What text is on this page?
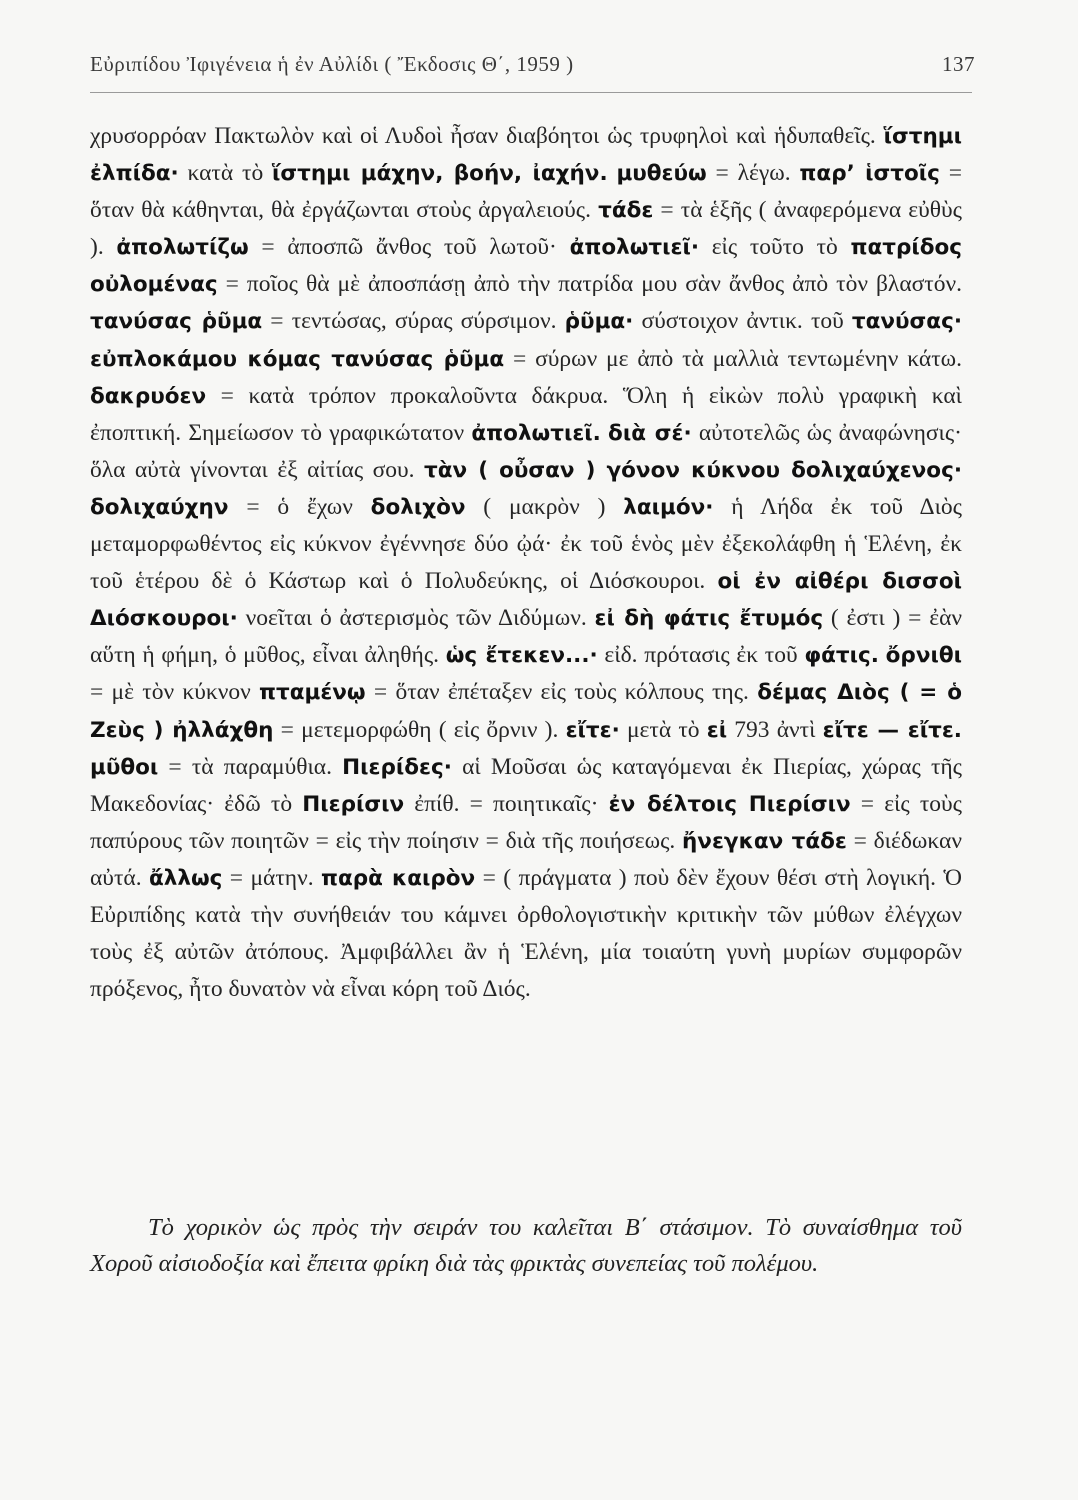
Εὐριπίδου Ἰφιγένεια ἡ ἐν Αὐλίδι ( Ἔκδοσις Θ΄, 1959 )	137
χρυσορρόαν Πακτωλὸν καὶ οἱ Λυδοὶ ἦσαν διαβόητοι ὡς τρυφηλοὶ καὶ ἡδυπαθεῖς. ἵστημι ἐλπίδα· κατὰ τὸ ἵστημι μάχην, βοήν, ἰαχήν. μυθεύω = λέγω. παρ’ ἱστοῖς = ὅταν θὰ κάθηνται, θὰ ἐργάζωνται στοὺς ἀργαλειούς. τάδε = τὰ ἑξῆς ( ἀναφερόμενα εὐθὺς ). ἀπολωτίζω = ἀποσπῶ ἄνθος τοῦ λωτοῦ· ἀπολωτιεῖ· εἰς τοῦτο τὸ πατρίδος οὐλομένας = ποῖος θὰ μὲ ἀποσπάσῃ ἀπὸ τὴν πατρίδα μου σὰν ἄνθος ἀπὸ τὸν βλαστόν. τανύσας ῥῦμα = τεντώσας, σύρας σύρσιμον. ῥῦμα· σύστοιχον ἀντικ. τοῦ τανύσας· εὐπλοκάμου κόμας τανύσας ῥῦμα = σύρων με ἀπὸ τὰ μαλλιὰ τεντωμένην κάτω. δακρυόεν = κατὰ τρόπον προκαλοῦντα δάκρυα. Ὅλη ἡ εἰκὼν πολὺ γραφικὴ καὶ ἐποπτική. Σημείωσον τὸ γραφικώτατον ἀπολωτιεῖ. διὰ σέ· αὐτοτελῶς ὡς ἀναφώνησις· ὅλα αὐτὰ γίνονται ἐξ αἰτίας σου. τὰν ( οὖσαν ) γόνον κύκνου δολιχαύχενος· δολιχαύχην = ὁ ἔχων δολιχὸν ( μακρὸν ) λαιμόν· ἡ Λήδα ἐκ τοῦ Διὸς μεταμορφωθέντος εἰς κύκνον ἐγέννησε δύο ᾠά· ἐκ τοῦ ἑνὸς μὲν ἐξεκολάφθη ἡ Ἑλένη, ἐκ τοῦ ἑτέρου δὲ ὁ Κάστωρ καὶ ὁ Πολυδεύκης, οἱ Διόσκουροι. οἱ ἐν αἰθέρι δισσοὶ Διόσκουροι· νοεῖται ὁ ἀστερισμὸς τῶν Διδύμων. εἰ δὴ φάτις ἔτυμός ( ἐστι ) = ἐὰν αὕτη ἡ φήμη, ὁ μῦθος, εἶναι ἀληθής. ὡς ἔτεκεν...· εἰδ. πρότασις ἐκ τοῦ φάτις. ὄρνιθι = μὲ τὸν κύκνον πταμένῳ = ὅταν ἐπέταξεν εἰς τοὺς κόλπους της. δέμας Διὸς ( = ὁ Ζεὺς ) ἠλλάχθη = μετεμορφώθη ( εἰς ὄρνιν ). εἴτε· μετὰ τὸ εἰ 793 ἀντὶ εἴτε — εἴτε. μῦθοι = τὰ παραμύθια. Πιερίδες· αἱ Μοῦσαι ὡς καταγόμεναι ἐκ Πιερίας, χώρας τῆς Μακεδονίας· ἐδῶ τὸ Πιερίσιν ἐπίθ. = ποιητικαῖς· ἐν δέλτοις Πιερίσιν = εἰς τοὺς παπύρους τῶν ποιητῶν = εἰς τὴν ποίησιν = διὰ τῆς ποιήσεως. ἤνεγκαν τάδε = διέδωκαν αὐτά. ἄλλως = μάτην. παρὰ καιρὸν = ( πράγματα ) ποὺ δὲν ἔχουν θέσι στὴ λογική. Ὁ Εὐριπίδης κατὰ τὴν συνήθειάν του κάμνει ὀρθολογιστικὴν κριτικὴν τῶν μύθων ἐλέγχων τοὺς ἐξ αὐτῶν ἀτόπους. Ἀμφιβάλλει ἂν ἡ Ἑλένη, μία τοιαύτη γυνὴ μυρίων συμφορῶν πρόξενος, ἦτο δυνατὸν νὰ εἶναι κόρη τοῦ Διός.
Τὸ χορικὸν ὡς πρὸς τὴν σειράν του καλεῖται Β΄ στάσιμον. Τὸ συναίσθημα τοῦ Χοροῦ αἰσιοδοξία καὶ ἔπειτα φρίκη διὰ τὰς φρικτὰς συνεπείας τοῦ πολέμου.
